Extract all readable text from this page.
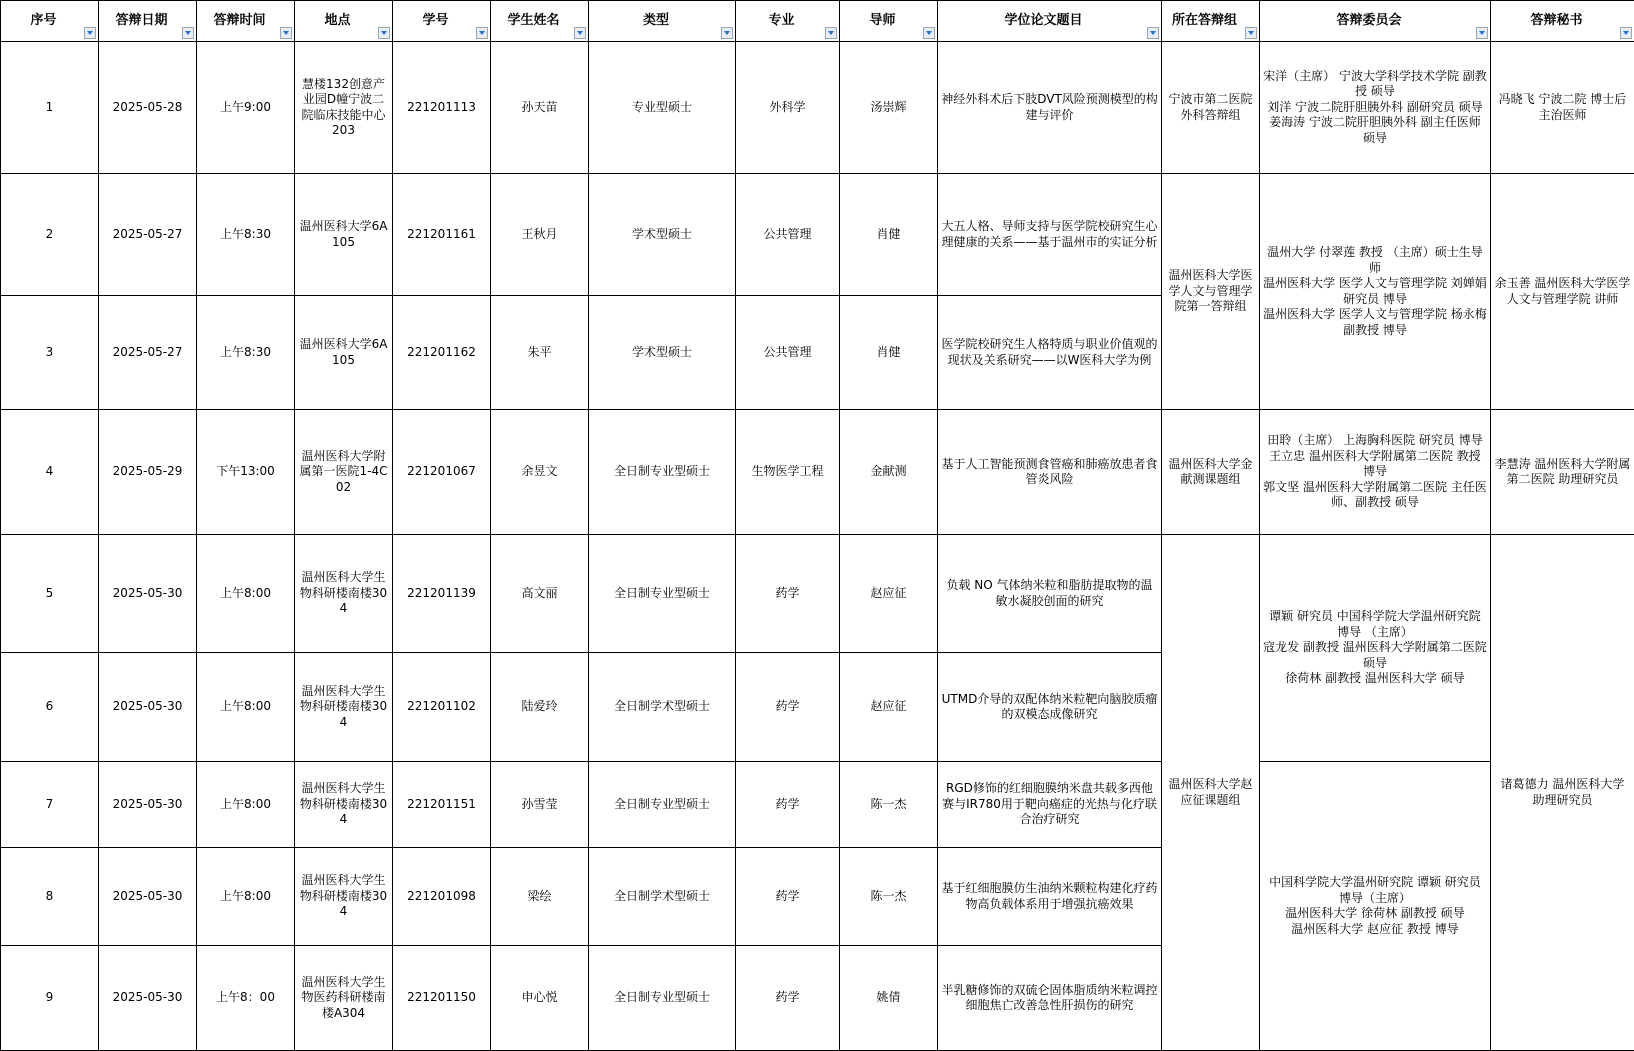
序号	答辩日期	答辩时间	地点	学号	学生姓名	类型	专业	导师	学位论文题目	所在答辩组	答辩委员会	答辩秘书

1	2025-05-28	上午9:00	慧楼132创意产业园D幢宁波二院临床技能中心203	221201113	孙天苗	专业型硕士	外科学	汤崇辉	神经外科术后下肢DVT风险预测模型的构建与评价	宁波市第二医院外科答辩组	宋洋（主席） 宁波大学科学技术学院 副教授 硕导
刘洋 宁波二院肝胆胰外科 副研究员 硕导
姜海涛 宁波二院肝胆胰外科 副主任医师 硕导	冯晓飞 宁波二院 博士后 主治医师
2	2025-05-27	上午8:30	温州医科大学6A105	221201161	王秋月	学术型硕士	公共管理	肖健	大五人格、导师支持与医学院校研究生心理健康的关系——基于温州市的实证分析	温州医科大学医学人文与管理学院第一答辩组	温州大学 付翠莲 教授 （主席）硕士生导师
温州医科大学 医学人文与管理学院 刘婵娟 研究员 博导
温州医科大学 医学人文与管理学院 杨永梅 副教授 博导	余玉善 温州医科大学医学人文与管理学院 讲师
3	2025-05-27	上午8:30	温州医科大学6A105	221201162	朱平	学术型硕士	公共管理	肖健	医学院校研究生人格特质与职业价值观的现状及关系研究——以W医科大学为例			
4	2025-05-29	下午13:00	温州医科大学附属第一医院1-4C02	221201067	余昱文	全日制专业型硕士	生物医学工程	金献测	基于人工智能预测食管癌和肺癌放患者食管炎风险	温州医科大学金献测课题组	田聆（主席） 上海胸科医院 研究员 博导
王立忠 温州医科大学附属第二医院 教授 博导
郭文坚 温州医科大学附属第二医院 主任医师、副教授 硕导	李慧涛 温州医科大学附属第二医院 助理研究员
5	2025-05-30	上午8:00	温州医科大学生物科研楼南楼304	221201139	高文丽	全日制专业型硕士	药学	赵应征	负载 NO 气体纳米粒和脂肪提取物的温敏水凝胶创面的研究	温州医科大学赵应征课题组	谭颖 研究员 中国科学院大学温州研究院 博导 （主席）
寇龙发 副教授 温州医科大学附属第二医院 硕导
徐荷林 副教授 温州医科大学 硕导	诸葛德力 温州医科大学 助理研究员
6	2025-05-30	上午8:00	温州医科大学生物科研楼南楼304	221201102	陆爱玲	全日制学术型硕士	药学	赵应征	UTMD介导的双配体纳米粒靶向脑胶质瘤的双模态成像研究			
7	2025-05-30	上午8:00	温州医科大学生物科研楼南楼304	221201151	孙雪莹	全日制专业型硕士	药学	陈一杰	RGD修饰的红细胞膜纳米盘共载多西他赛与IR780用于靶向癌症的光热与化疗联合治疗研究		中国科学院大学温州研究院 谭颖 研究员 博导（主席）
温州医科大学 徐荷林 副教授 硕导
温州医科大学 赵应征 教授 博导	

8	2025-05-30	上午8:00	温州医科大学生物科研楼南楼304	221201098	梁绘	全日制学术型硕士	药学	陈一杰	基于红细胞膜仿生油纳米颗粒构建化疗药物高负载体系用于增强抗癌效果			
9	2025-05-30	上午8：00	温州医科大学生物医药科研楼南楼A304	221201150	申心悦	全日制专业型硕士	药学	姚倩	半乳糖修饰的双硫仑固体脂质纳米粒调控细胞焦亡改善急性肝损伤的研究			
